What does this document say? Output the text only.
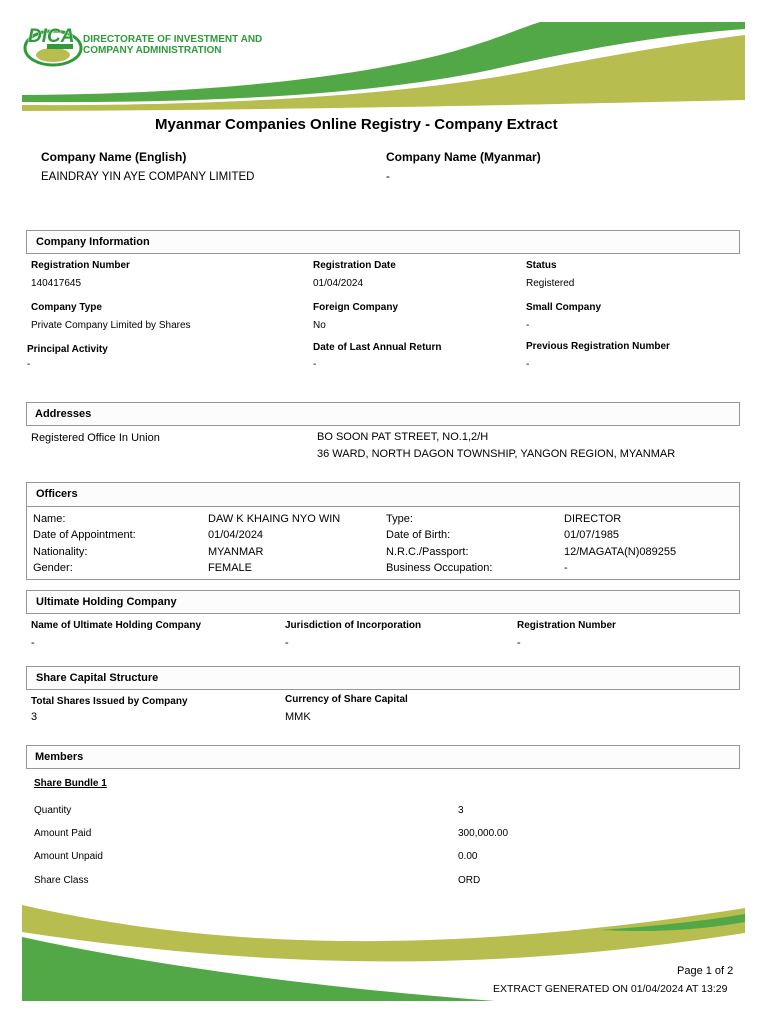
DICA DIRECTORATE OF INVESTMENT AND
COMPANY ADMINISTRATION
Myanmar Companies Online Registry - Company Extract
Company Name (English)
EAINDRAY YIN AYE COMPANY LIMITED
Company Name (Myanmar)
-
Company Information
Registration Number
140417645
Registration Date
01/04/2024
Status
Registered
Company Type
Private Company Limited by Shares
Foreign Company
No
Small Company
-
Principal Activity
-
Date of Last Annual Return
-
Previous Registration Number
-
Addresses
Registered Office In Union	BO SOON PAT STREET, NO.1,2/H
36 WARD, NORTH DAGON TOWNSHIP, YANGON REGION, MYANMAR
Officers
Name:	DAW K KHAING NYO WIN	Type:	DIRECTOR
Date of Appointment:	01/04/2024	Date of Birth:	01/07/1985
Nationality:	MYANMAR	N.R.C./Passport:	12/MAGATA(N)089255
Gender:	FEMALE	Business Occupation:	-
Ultimate Holding Company
Name of Ultimate Holding Company
-
Jurisdiction of Incorporation
-
Registration Number
-
Share Capital Structure
Total Shares Issued by Company
3
Currency of Share Capital
MMK
Members
Share Bundle 1
Quantity	3
Amount Paid	300,000.00
Amount Unpaid	0.00
Share Class	ORD
Page 1 of 2
EXTRACT GENERATED ON 01/04/2024 AT 13:29
